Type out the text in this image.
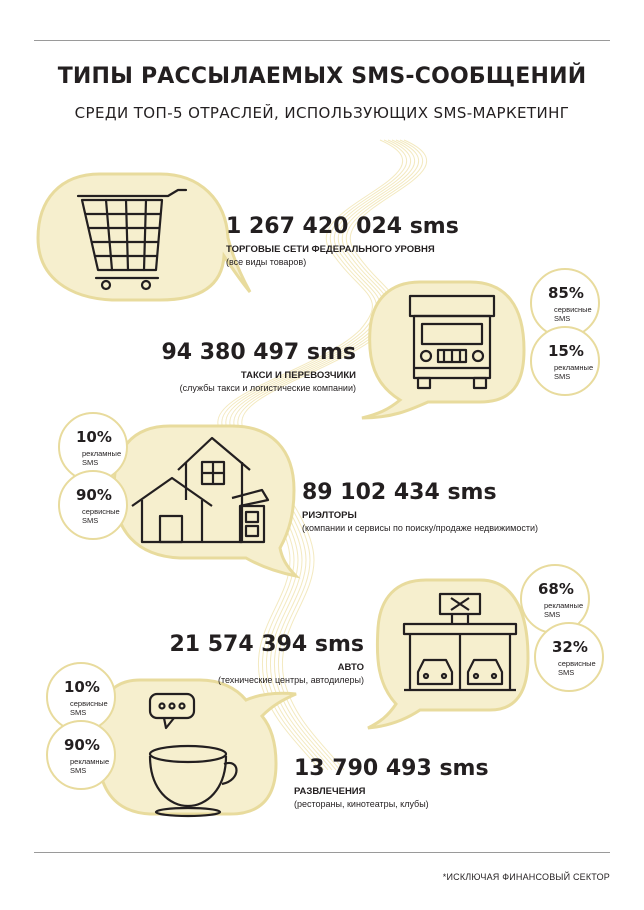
ТИПЫ РАССЫЛАЕМЫХ SMS-СООБЩЕНИЙ
СРЕДИ ТОП-5 ОТРАСЛЕЙ, ИСПОЛЬЗУЮЩИХ SMS-МАРКЕТИНГ
1 267 420 024 sms
ТОРГОВЫЕ СЕТИ ФЕДЕРАЛЬНОГО УРОВНЯ
(все виды товаров)
94 380 497 sms
ТАКСИ И ПЕРЕВОЗЧИКИ
(службы такси и логистические компании)
89 102 434 sms
РИЭЛТОРЫ
(компании и сервисы по поиску/продаже недвижимости)
21 574 394 sms
АВТО
(технические центры, автодилеры)
13 790 493 sms
РАЗВЛЕЧЕНИЯ
(рестораны, кинотеатры, клубы)
85%
сервисные
SMS
15%
рекламные
SMS
10%
рекламные
SMS
90%
сервисные
SMS
68%
рекламные
SMS
32%
сервисные
SMS
10%
сервисные
SMS
90%
рекламные
SMS
*ИСКЛЮЧАЯ ФИНАНСОВЫЙ СЕКТОР
